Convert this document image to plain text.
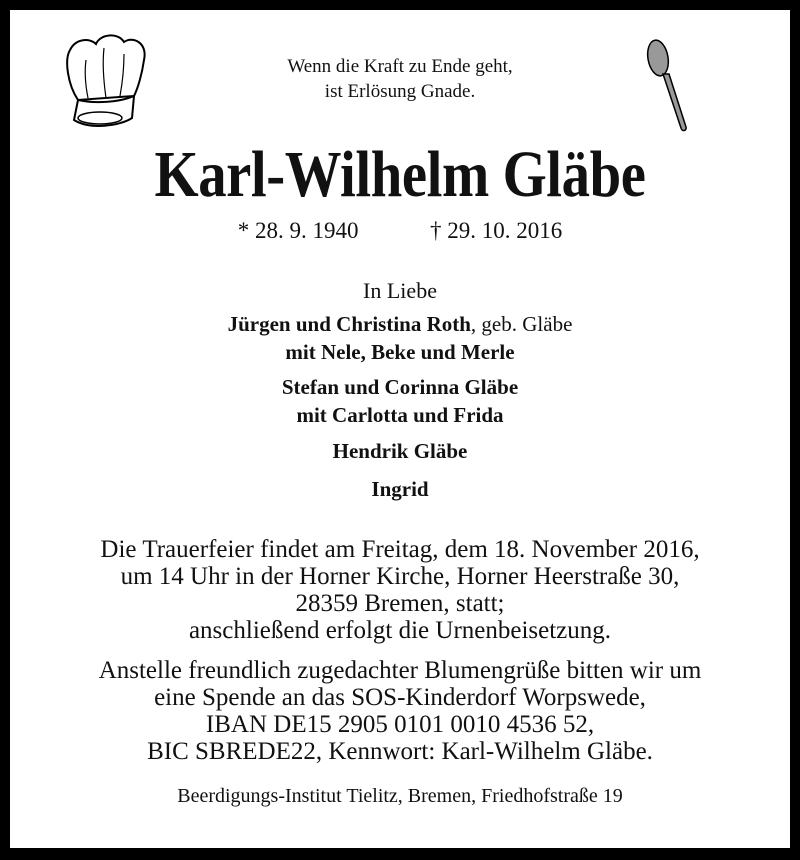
Wenn die Kraft zu Ende geht,
ist Erlösung Gnade.
Karl-Wilhelm Gläbe
* 28. 9. 1940	† 29. 10. 2016
In Liebe
Jürgen und Christina Roth, geb. Gläbe
mit Nele, Beke und Merle
Stefan und Corinna Gläbe
mit Carlotta und Frida
Hendrik Gläbe
Ingrid
Die Trauerfeier findet am Freitag, dem 18. November 2016,
um 14 Uhr in der Horner Kirche, Horner Heerstraße 30,
28359 Bremen, statt;
anschließend erfolgt die Urnenbeisetzung.
Anstelle freundlich zugedachter Blumengrüße bitten wir um
eine Spende an das SOS-Kinderdorf Worpswede,
IBAN DE15 2905 0101 0010 4536 52,
BIC SBREDE22, Kennwort: Karl-Wilhelm Gläbe.
Beerdigungs-Institut Tielitz, Bremen, Friedhofstraße 19
